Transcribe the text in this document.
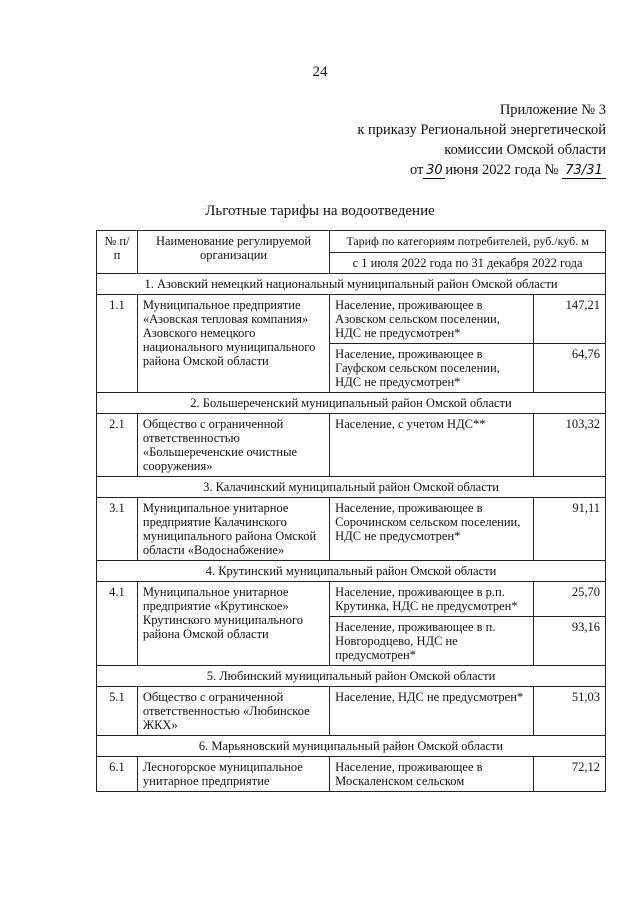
24
Приложение № 3
к приказу Региональной энергетической
комиссии Омской области
от 30 июня 2022 года № 73/31
Льготные тарифы на водоотведение
№ п/п	Наименование регулируемой организации	Тариф по категориям потребителей, руб./куб. м	
		с 1 июля 2022 года по 31 декабря 2022 года	
1. Азовский немецкий национальный муниципальный район Омской области			
1.1	Муниципальное предприятие «Азовская тепловая компания» Азовского немецкого национального муниципального района Омской области	Население, проживающее в Азовском сельском поселении, НДС не предусмотрен*	147,21
		Население, проживающее в Гауфском сельском поселении, НДС не предусмотрен*	64,76
2. Большереченский муниципальный район Омской области			
2.1	Общество с ограниченной ответственностью «Большереченские очистные сооружения»	Население, с учетом НДС**	103,32
3. Калачинский муниципальный район Омской области			
3.1	Муниципальное унитарное предприятие Калачинского муниципального района Омской области «Водоснабжение»	Население, проживающее в Сорочинском сельском поселении, НДС не предусмотрен*	91,11
4. Крутинский муниципальный район Омской области			
4.1	Муниципальное унитарное предприятие «Крутинское» Крутинского муниципального района Омской области	Население, проживающее в р.п. Крутинка, НДС не предусмотрен*	25,70
		Население, проживающее в п. Новгородцево, НДС не предусмотрен*	93,16
5. Любинский муниципальный район Омской области			
5.1	Общество с ограниченной ответственностью «Любинское ЖКХ»	Население, НДС не предусмотрен*	51,03
6. Марьяновский муниципальный район Омской области			
6.1	Лесногорское муниципальное унитарное предприятие	Население, проживающее в Москаленском сельском	72,12
